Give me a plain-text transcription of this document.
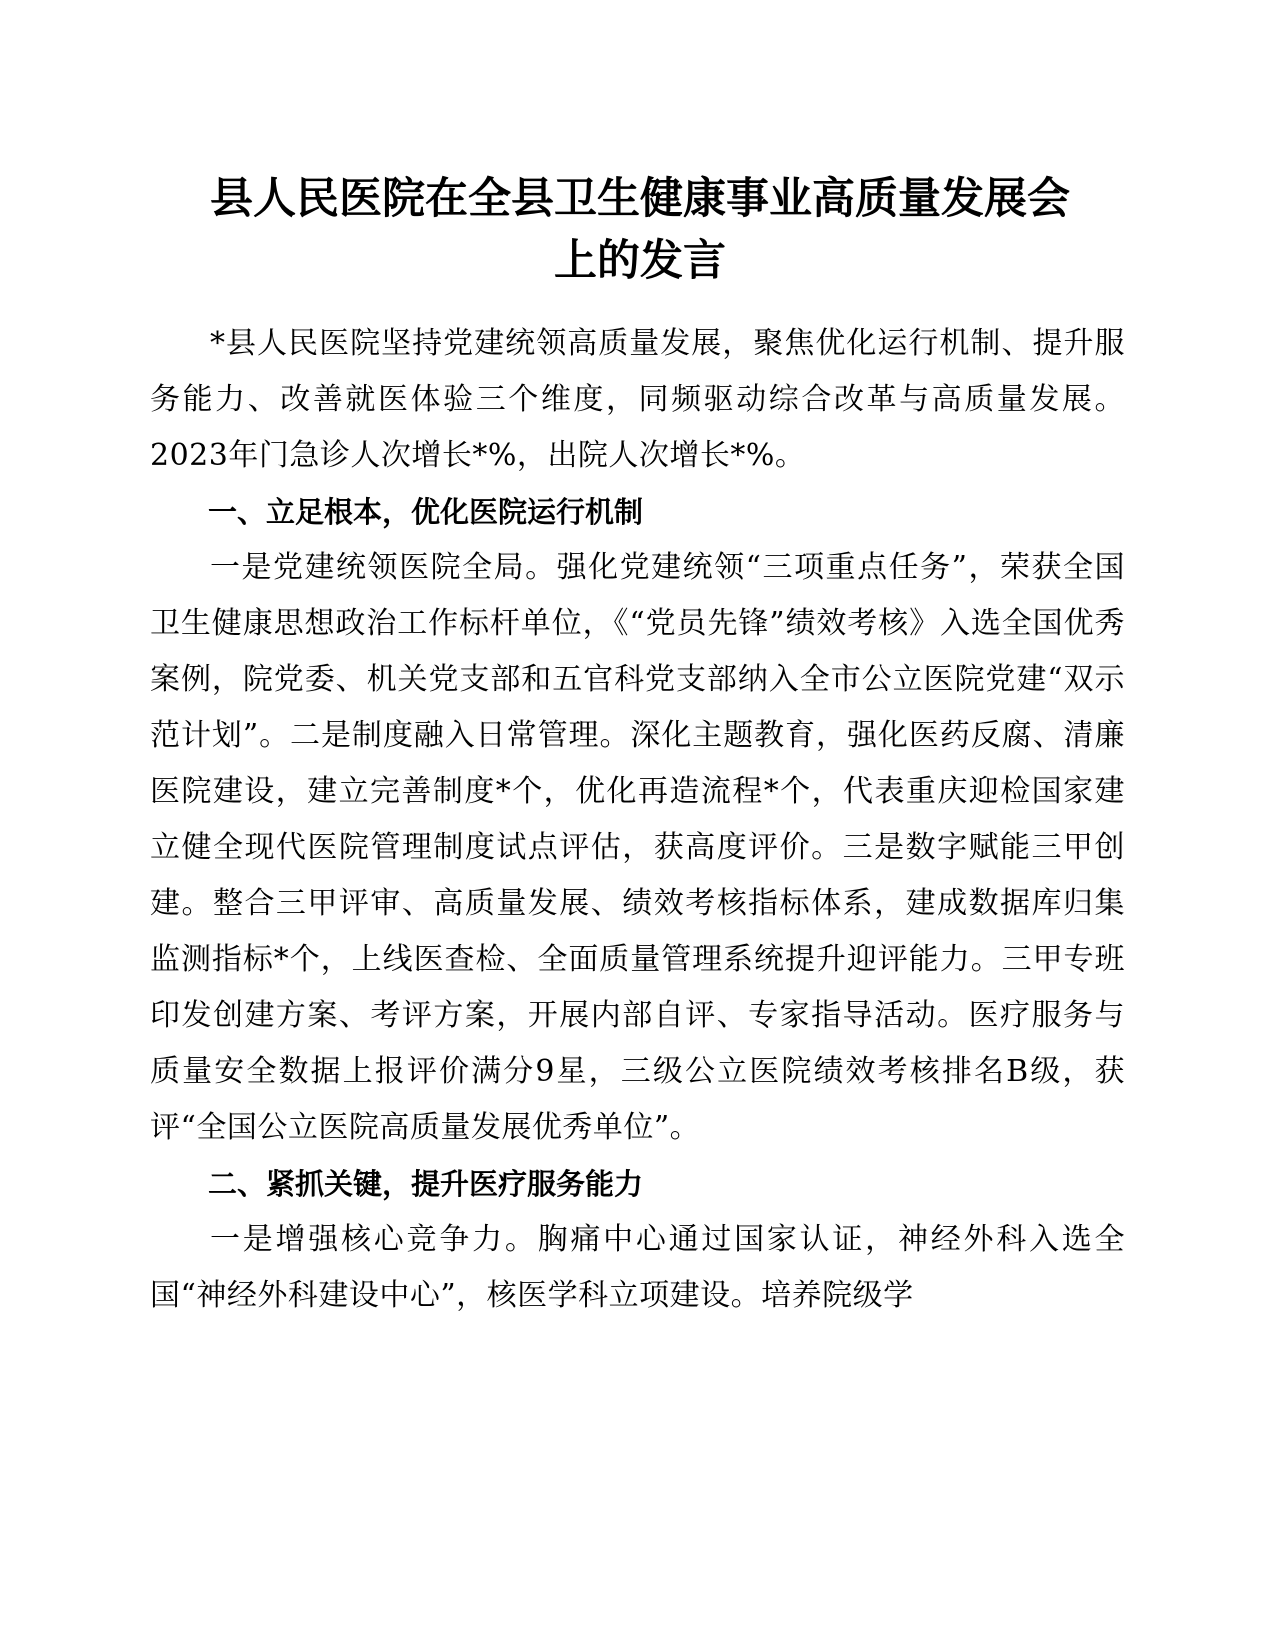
县人民医院在全县卫生健康事业高质量发展会
上的发言

*县人民医院坚持党建统领高质量发展，聚焦优化运行机制、提升服务能力、改善就医体验三个维度，同频驱动综合改革与高质量发展。2023年门急诊人次增长*%，出院人次增长*%。

一、立足根本，优化医院运行机制

一是党建统领医院全局。强化党建统领“三项重点任务”，荣获全国卫生健康思想政治工作标杆单位，《“党员先锋”绩效考核》入选全国优秀案例，院党委、机关党支部和五官科党支部纳入全市公立医院党建“双示范计划”。二是制度融入日常管理。深化主题教育，强化医药反腐、清廉医院建设，建立完善制度*个，优化再造流程*个，代表重庆迎检国家建立健全现代医院管理制度试点评估，获高度评价。三是数字赋能三甲创建。整合三甲评审、高质量发展、绩效考核指标体系，建成数据库归集监测指标*个，上线医查检、全面质量管理系统提升迎评能力。三甲专班印发创建方案、考评方案，开展内部自评、专家指导活动。医疗服务与质量安全数据上报评价满分9星，三级公立医院绩效考核排名B级，获评“全国公立医院高质量发展优秀单位”。

二、紧抓关键，提升医疗服务能力

一是增强核心竞争力。胸痛中心通过国家认证，神经外科入选全国“神经外科建设中心”，核医学科立项建设。培养院级学
